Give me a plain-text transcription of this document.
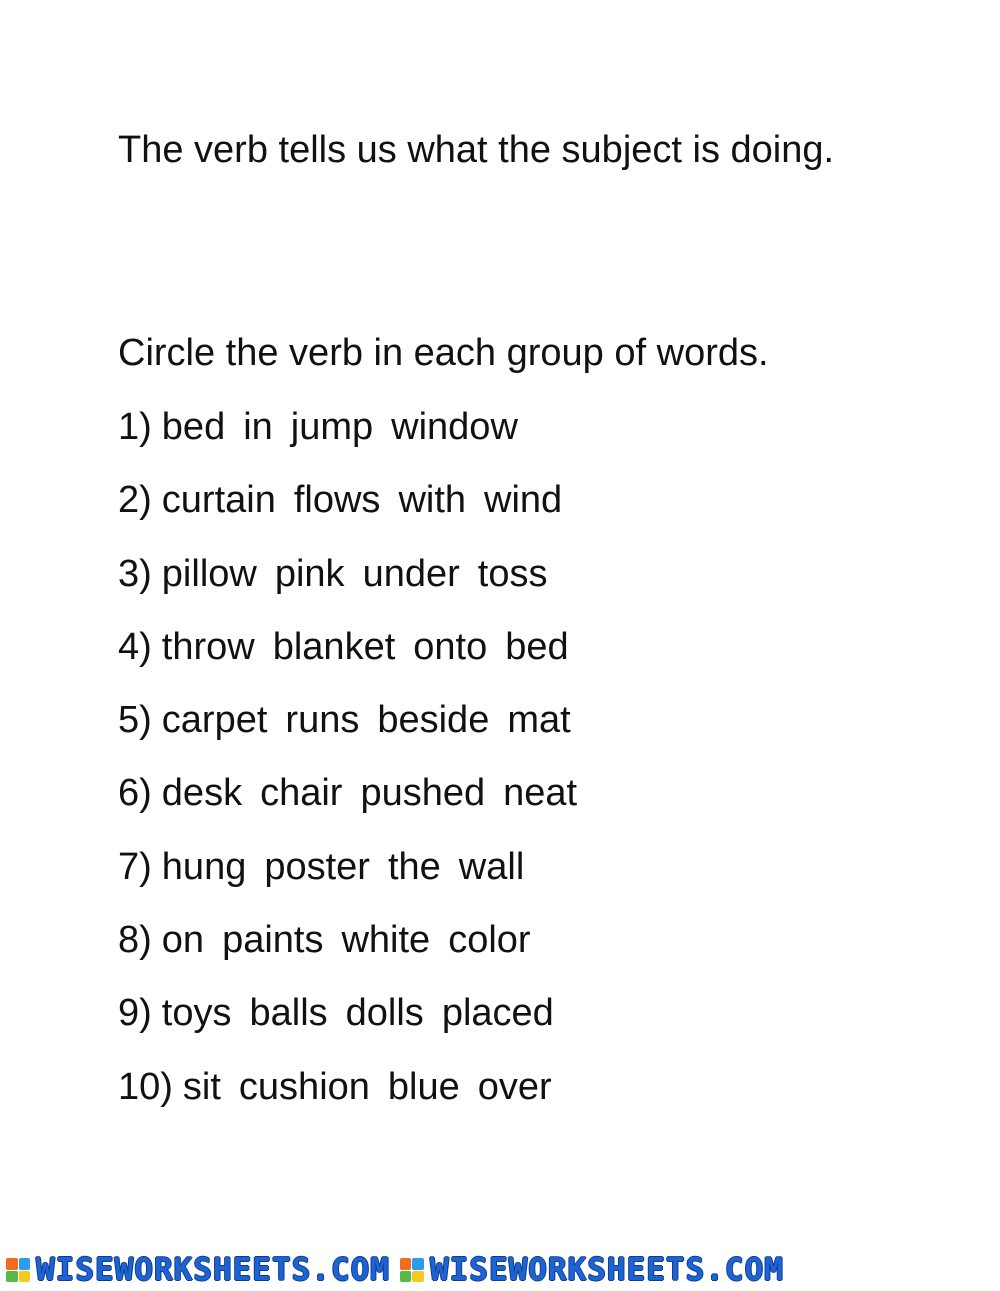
The verb tells us what the subject is doing.

Circle the verb in each group of words.

1) bed in jump window
2) curtain flows with wind
3) pillow pink under toss
4) throw blanket onto bed
5) carpet runs beside mat
6) desk chair pushed neat
7) hung poster the wall
8) on paints white color
9) toys balls dolls placed
10) sit cushion blue over
WISEWORKSHEETS.COM WISEWORKSHEETS.COM
